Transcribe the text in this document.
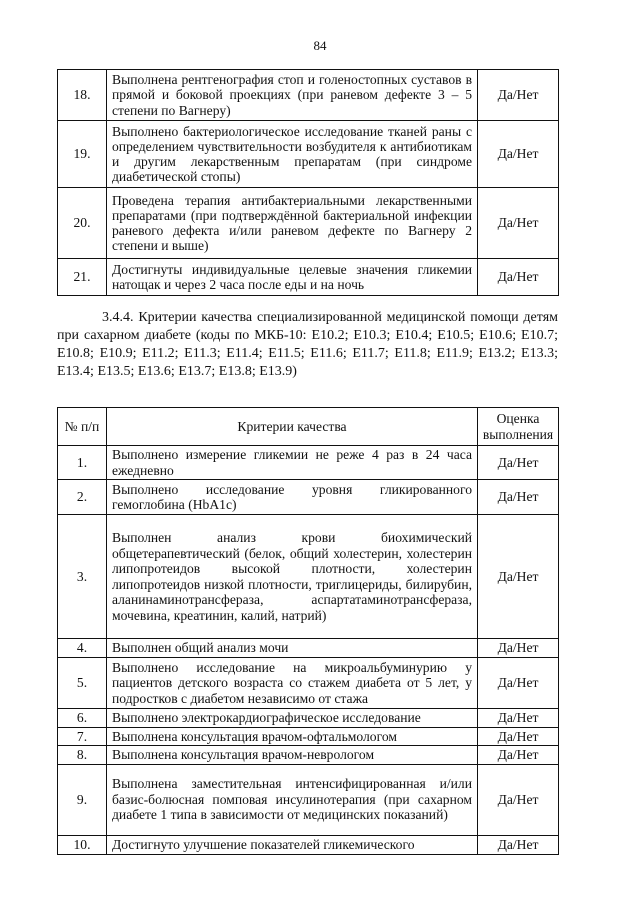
84
18.	Выполнена рентгенография стоп и голеностопных суставов в прямой и боковой проекциях (при раневом дефекте 3 – 5 степени по Вагнеру)	Да/Нет
19.	Выполнено бактериологическое исследование тканей раны с определением чувствительности возбудителя к антибиотикам и другим лекарственным препаратам (при синдроме диабетической стопы)	Да/Нет
20.	Проведена терапия антибактериальными лекарственными препаратами (при подтверждённой бактериальной инфекции раневого дефекта и/или раневом дефекте по Вагнеру 2 степени и выше)	Да/Нет
21.	Достигнуты индивидуальные целевые значения гликемии натощак и через 2 часа после еды и на ночь	Да/Нет
3.4.4. Критерии качества специализированной медицинской помощи детям при сахарном диабете (коды по МКБ-10: E10.2; E10.3; E10.4; E10.5; E10.6; E10.7; E10.8; E10.9; E11.2; E11.3; E11.4; E11.5; E11.6; E11.7; E11.8; E11.9; E13.2; E13.3; E13.4; E13.5; E13.6; E13.7; E13.8; E13.9)
№ п/п	Критерии качества	Оценка выполнения
1.	Выполнено измерение гликемии не реже 4 раз в 24 часа ежедневно	Да/Нет
2.	Выполнено исследование уровня гликированного гемоглобина (HbA1c)	Да/Нет
3.	Выполнен анализ крови биохимический общетерапевтический (белок, общий холестерин, холестерин липопротеидов высокой плотности, холестерин липопротеидов низкой плотности, триглицериды, билирубин, аланинаминотрансфераза, аспартатаминотрансфераза, мочевина, креатинин, калий, натрий)	Да/Нет
4.	Выполнен общий анализ мочи	Да/Нет
5.	Выполнено исследование на микроальбуминурию у пациентов детского возраста со стажем диабета от 5 лет, у подростков с диабетом независимо от стажа	Да/Нет
6.	Выполнено электрокардиографическое исследование	Да/Нет
7.	Выполнена консультация врачом-офтальмологом	Да/Нет
8.	Выполнена консультация врачом-неврологом	Да/Нет
9.	Выполнена заместительная интенсифицированная и/или базис-болюсная помповая инсулинотерапия (при сахарном диабете 1 типа в зависимости от медицинских показаний)	Да/Нет
10.	Достигнуто улучшение показателей гликемического	Да/Нет
